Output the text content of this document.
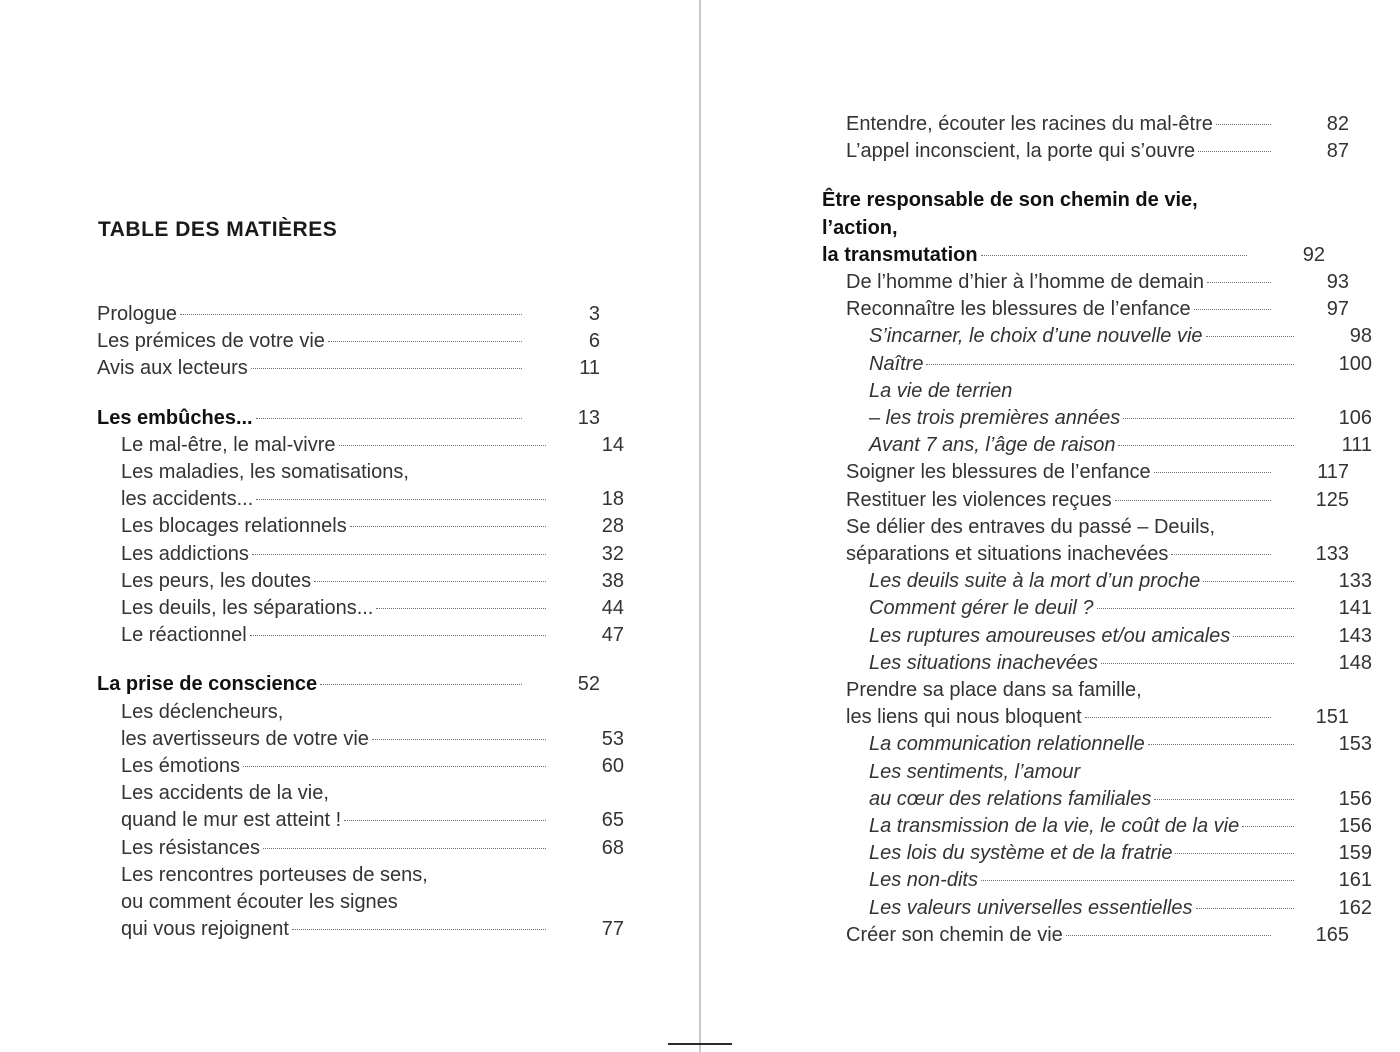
TABLE DES MATIÈRES
Prologue	3
Les prémices de votre vie	6
Avis aux lecteurs	11
Les embûches...	13
Le mal-être, le mal-vivre	14
Les maladies, les somatisations,
les accidents...	18
Les blocages relationnels	28
Les addictions	32
Les peurs, les doutes	38
Les deuils, les séparations...	44
Le réactionnel	47
La prise de conscience	52
Les déclencheurs,
les avertisseurs de votre vie	53
Les émotions	60
Les accidents de la vie,
quand le mur est atteint !	65
Les résistances	68
Les rencontres porteuses de sens,
ou comment écouter les signes
qui vous rejoignent	77
Entendre, écouter les racines du mal-être	82
L’appel inconscient, la porte qui s’ouvre	87
Être responsable de son chemin de vie, l’action,
la transmutation	92
De l’homme d’hier à l’homme de demain	93
Reconnaître les blessures de l’enfance	97
S’incarner, le choix d’une nouvelle vie	98
Naître	100
La vie de terrien
– les trois premières années	106
Avant 7 ans, l’âge de raison	111
Soigner les blessures de l’enfance	117
Restituer les violences reçues	125
Se délier des entraves du passé – Deuils,
séparations et situations inachevées	133
Les deuils suite à la mort d’un proche	133
Comment gérer le deuil ?	141
Les ruptures amoureuses et/ou amicales	143
Les situations inachevées	148
Prendre sa place dans sa famille,
les liens qui nous bloquent	151
La communication relationnelle	153
Les sentiments, l’amour
au cœur des relations familiales	156
La transmission de la vie, le coût de la vie	156
Les lois du système et de la fratrie	159
Les non-dits	161
Les valeurs universelles essentielles	162
Créer son chemin de vie	165
